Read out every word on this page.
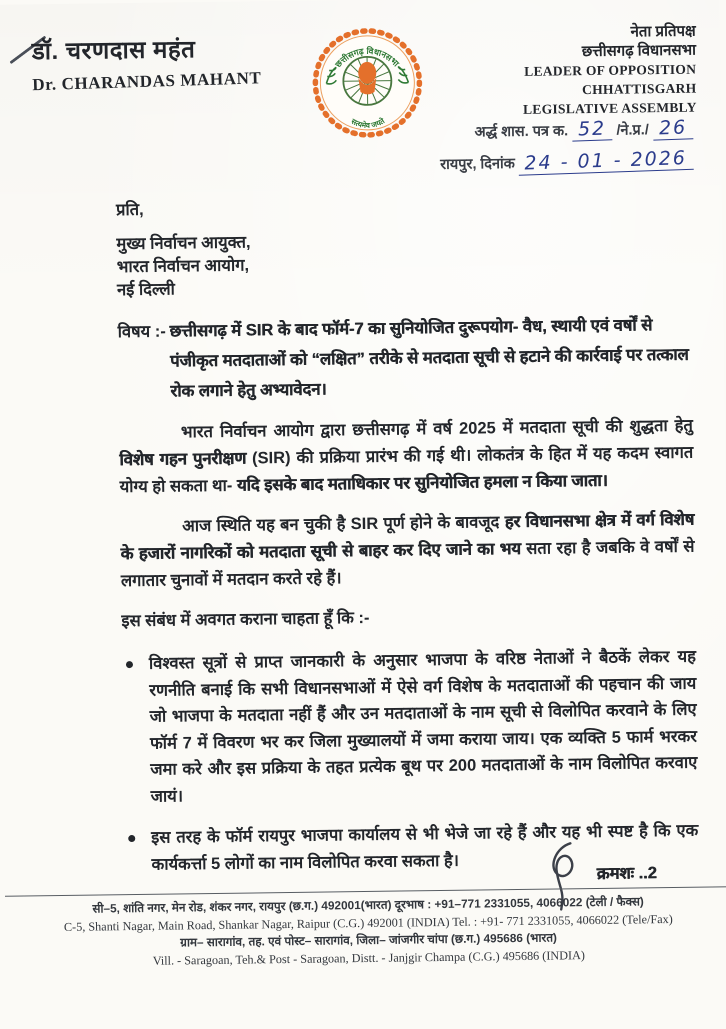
डॉ. चरणदास महंत
Dr. CHARANDAS MAHANT
छत्तीसगढ़ विधानसभा
सत्यमेव जयते
नेता प्रतिपक्ष
छत्तीसगढ़ विधानसभा
LEADER OF OPPOSITION
CHHATTISGARH
LEGISLATIVE ASSEMBLY
अर्द्ध शास. पत्र क. 52 /ने.प्र./ 26
रायपुर, दिनांक 24 - 01 - 2026
प्रति,
मुख्य निर्वाचन आयुक्त,
भारत निर्वाचन आयोग,
नई दिल्ली
विषय :- छत्तीसगढ़ में SIR के बाद फॉर्म-7 का सुनियोजित दुरूपयोग- वैध, स्थायी एवं वर्षों से पंजीकृत मतदाताओं को “लक्षित” तरीके से मतदाता सूची से हटाने की कार्रवाई पर तत्काल रोक लगाने हेतु अभ्यावेदन।
भारत निर्वाचन आयोग द्वारा छत्तीसगढ़ में वर्ष 2025 में मतदाता सूची की शुद्धता हेतु विशेष गहन पुनरीक्षण (SIR) की प्रक्रिया प्रारंभ की गई थी। लोकतंत्र के हित में यह कदम स्वागत योग्य हो सकता था- यदि इसके बाद मताधिकार पर सुनियोजित हमला न किया जाता।
आज स्थिति यह बन चुकी है SIR पूर्ण होने के बावजूद हर विधानसभा क्षेत्र में वर्ग विशेष के हजारों नागरिकों को मतदाता सूची से बाहर कर दिए जाने का भय सता रहा है जबकि वे वर्षों से लगातार चुनावों में मतदान करते रहे हैं।
इस संबंध में अवगत कराना चाहता हूँ कि :-
विश्वस्त सूत्रों से प्राप्त जानकारी के अनुसार भाजपा के वरिष्ठ नेताओं ने बैठकें लेकर यह रणनीति बनाई कि सभी विधानसभाओं में ऐसे वर्ग विशेष के मतदाताओं की पहचान की जाय जो भाजपा के मतदाता नहीं हैं और उन मतदाताओं के नाम सूची से विलोपित करवाने के लिए फॉर्म 7 में विवरण भर कर जिला मुख्यालयों में जमा कराया जाय। एक व्यक्ति 5 फार्म भरकर जमा करे और इस प्रक्रिया के तहत प्रत्येक बूथ पर 200 मतदाताओं के नाम विलोपित करवाए जायं।
इस तरह के फॉर्म रायपुर भाजपा कार्यालय से भी भेजे जा रहे हैं और यह भी स्पष्ट है कि एक कार्यकर्त्ता 5 लोगों का नाम विलोपित करवा सकता है।
क्रमशः ..2
सी–5, शांति नगर, मेन रोड, शंकर नगर, रायपुर (छ.ग.) 492001(भारत) दूरभाष : +91–771 2331055, 4066022 (टेली / फैक्स)
C-5, Shanti Nagar, Main Road, Shankar Nagar, Raipur (C.G.) 492001 (INDIA) Tel. : +91- 771 2331055, 4066022 (Tele/Fax)
ग्राम– सारागांव, तह. एवं पोस्ट– सारागांव, जिला– जांजगीर चांपा (छ.ग.) 495686 (भारत)
Vill. - Saragoan, Teh.& Post - Saragoan, Distt. - Janjgir Champa (C.G.) 495686 (INDIA)
